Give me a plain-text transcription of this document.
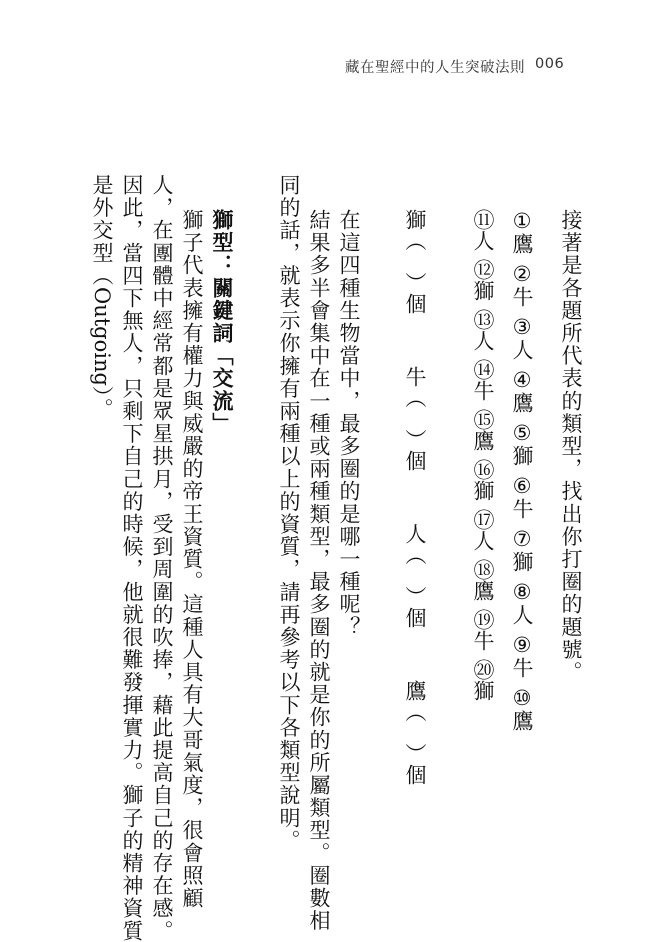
藏在聖經中的人生突破法則 006
接著是各題所代表的類型，找出你打圈的題號。
①鷹②牛③人④鷹⑤獅⑥牛⑦獅⑧人⑨牛⑩鷹
⑪人⑫獅⑬人⑭牛⑮鷹⑯獅⑰人⑱鷹⑲牛⑳獅
獅（　）個牛（　）個人（　）個鷹（　）個
在這四種生物當中，最多圈的是哪一種呢？
結果多半會集中在一種或兩種類型，最多圈的就是你的所屬類型。圈數相
同的話，就表示你擁有兩種以上的資質，請再參考以下各類型說明。
獅型：關鍵詞「交流」
獅子代表擁有權力與威嚴的帝王資質。這種人具有大哥氣度，很會照顧
人，在團體中經常都是眾星拱月，受到周圍的吹捧，藉此提高自己的存在感。
因此，當四下無人，只剩下自己的時候，他就很難發揮實力。獅子的精神資質
是外交型（Outgoing）。
